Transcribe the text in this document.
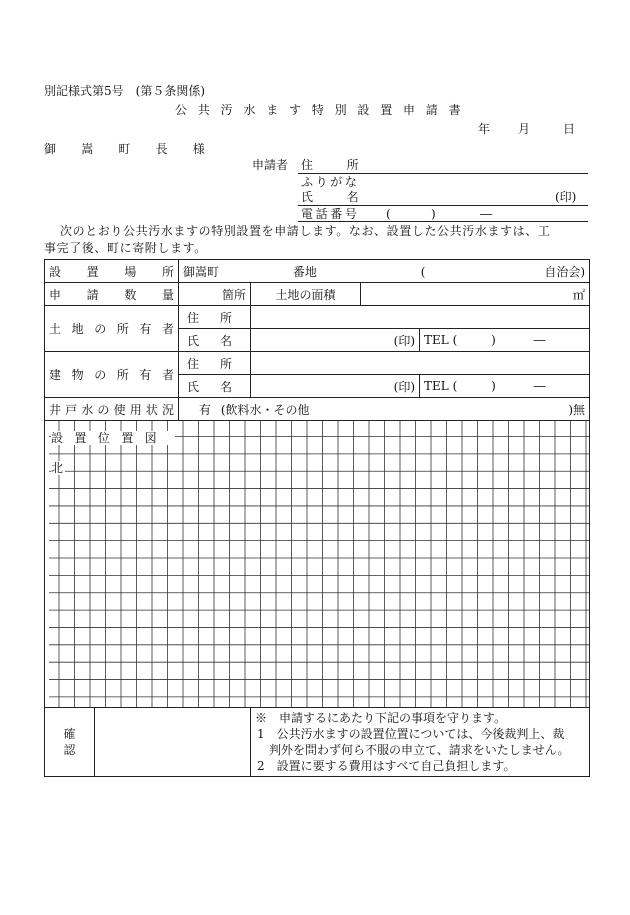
別記様式第5号　(第５条関係)
公共汚水ます特別設置申請書
年 月	日
御嵩町長様
申請者 住所
ふりがな
氏名	(印)
電話番号 (	)	―
次のとおり公共汚水ますの特別設置を申請します。なお、設置した公共汚水ますは、工
事完了後、町に寄附します。
設置場所		御嵩町 番地 ( 自治会)			

申請数量		箇所	土地の面積	㎡	
土地の所有者		住所			
		氏名	(印)		TEL ( ) ―
建物の所有者		住所			
		氏名	(印)		TEL ( ) ―
井戸水の使用状況		有 (飲料水・その他 )無			

設置位置図
北					

確認			※　申請するにあたり下記の事項を守ります。
1　公共汚水ますの設置位置については、今後裁判上、裁
判外を問わず何ら不服の申立て、請求をいたしません。
2　設置に要する費用はすべて自己負担します。		
